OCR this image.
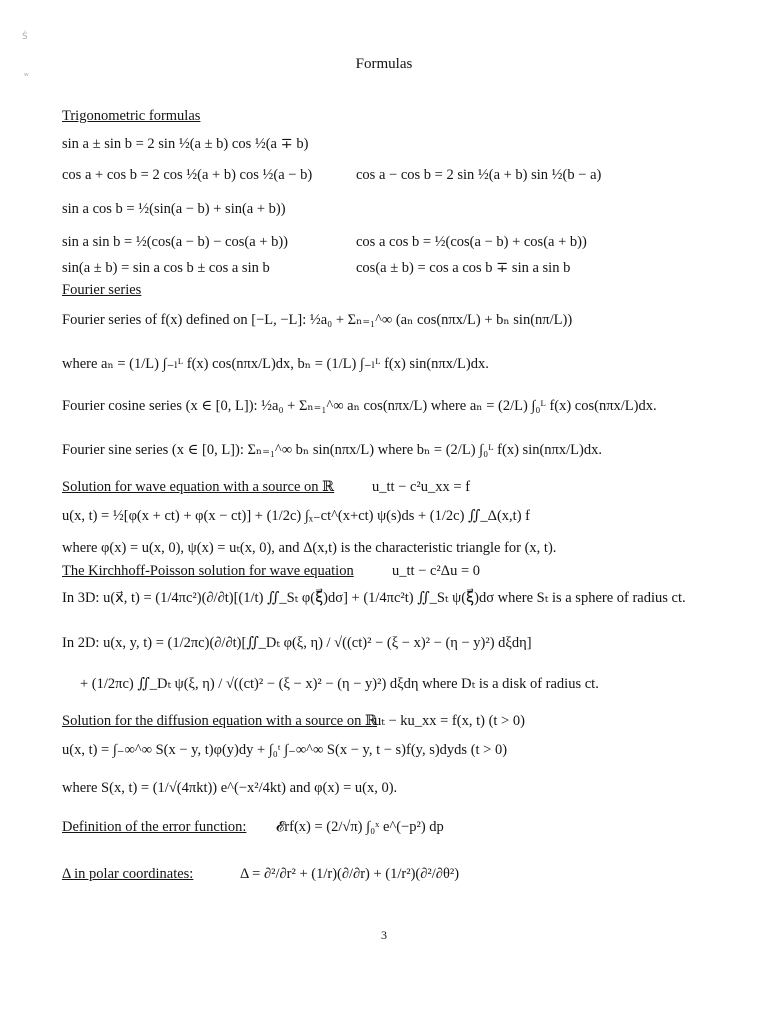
Ś
ʷ
Formulas
Trigonometric formulas
sin a ± sin b = 2 sin ½(a ± b) cos ½(a ∓ b)
cos a + cos b = 2 cos ½(a + b) cos ½(a − b)	cos a − cos b = 2 sin ½(a + b) sin ½(b − a)
sin a cos b = ½(sin(a − b) + sin(a + b))
sin a sin b = ½(cos(a − b) − cos(a + b))	cos a cos b = ½(cos(a − b) + cos(a + b))
sin(a ± b) = sin a cos b ± cos a sin b	cos(a ± b) = cos a cos b ∓ sin a sin b
Fourier series
Fourier series of f(x) defined on [−L, −L]: ½a₀ + Σₙ₌₁^∞ (aₙ cos(nπx/L) + bₙ sin(nπ/L))
where aₙ = (1/L) ∫₋ₗᴸ f(x) cos(nπx/L)dx, bₙ = (1/L) ∫₋ₗᴸ f(x) sin(nπx/L)dx.
Fourier cosine series (x ∈ [0, L]): ½a₀ + Σₙ₌₁^∞ aₙ cos(nπx/L) where aₙ = (2/L) ∫₀ᴸ f(x) cos(nπx/L)dx.
Fourier sine series (x ∈ [0, L]): Σₙ₌₁^∞ bₙ sin(nπx/L) where bₙ = (2/L) ∫₀ᴸ f(x) sin(nπx/L)dx.
Solution for wave equation with a source on ℝ	u_tt − c²u_xx = f
u(x, t) = ½[φ(x + ct) + φ(x − ct)] + (1/2c) ∫ₓ₋ct^(x+ct) ψ(s)ds + (1/2c) ∬_Δ(x,t) f
where φ(x) = u(x, 0), ψ(x) = uₜ(x, 0), and Δ(x,t) is the characteristic triangle for (x, t).
The Kirchhoff-Poisson solution for wave equation	u_tt − c²Δu = 0
In 3D: u(x⃗, t) = (1/4πc²)(∂/∂t)[(1/t) ∬_Sₜ φ(ξ⃗)dσ] + (1/4πc²t) ∬_Sₜ ψ(ξ⃗)dσ where Sₜ is a sphere of radius ct.
In 2D: u(x, y, t) = (1/2πc)(∂/∂t)[∬_Dₜ φ(ξ, η) / √((ct)² − (ξ − x)² − (η − y)²) dξdη]
+ (1/2πc) ∬_Dₜ ψ(ξ, η) / √((ct)² − (ξ − x)² − (η − y)²) dξdη where Dₜ is a disk of radius ct.
Solution for the diffusion equation with a source on ℝ
uₜ − ku_xx = f(x, t) (t > 0)
u(x, t) = ∫₋∞^∞ S(x − y, t)φ(y)dy + ∫₀ᵗ ∫₋∞^∞ S(x − y, t − s)f(y, s)dyds (t > 0)
where S(x, t) = (1/√(4πkt)) e^(−x²/4kt) and φ(x) = u(x, 0).
Definition of the error function: 𝓔rf(x) = (2/√π) ∫₀ˣ e^(−p²) dp
Δ in polar coordinates:	Δ = ∂²/∂r² + (1/r)(∂/∂r) + (1/r²)(∂²/∂θ²)
3
